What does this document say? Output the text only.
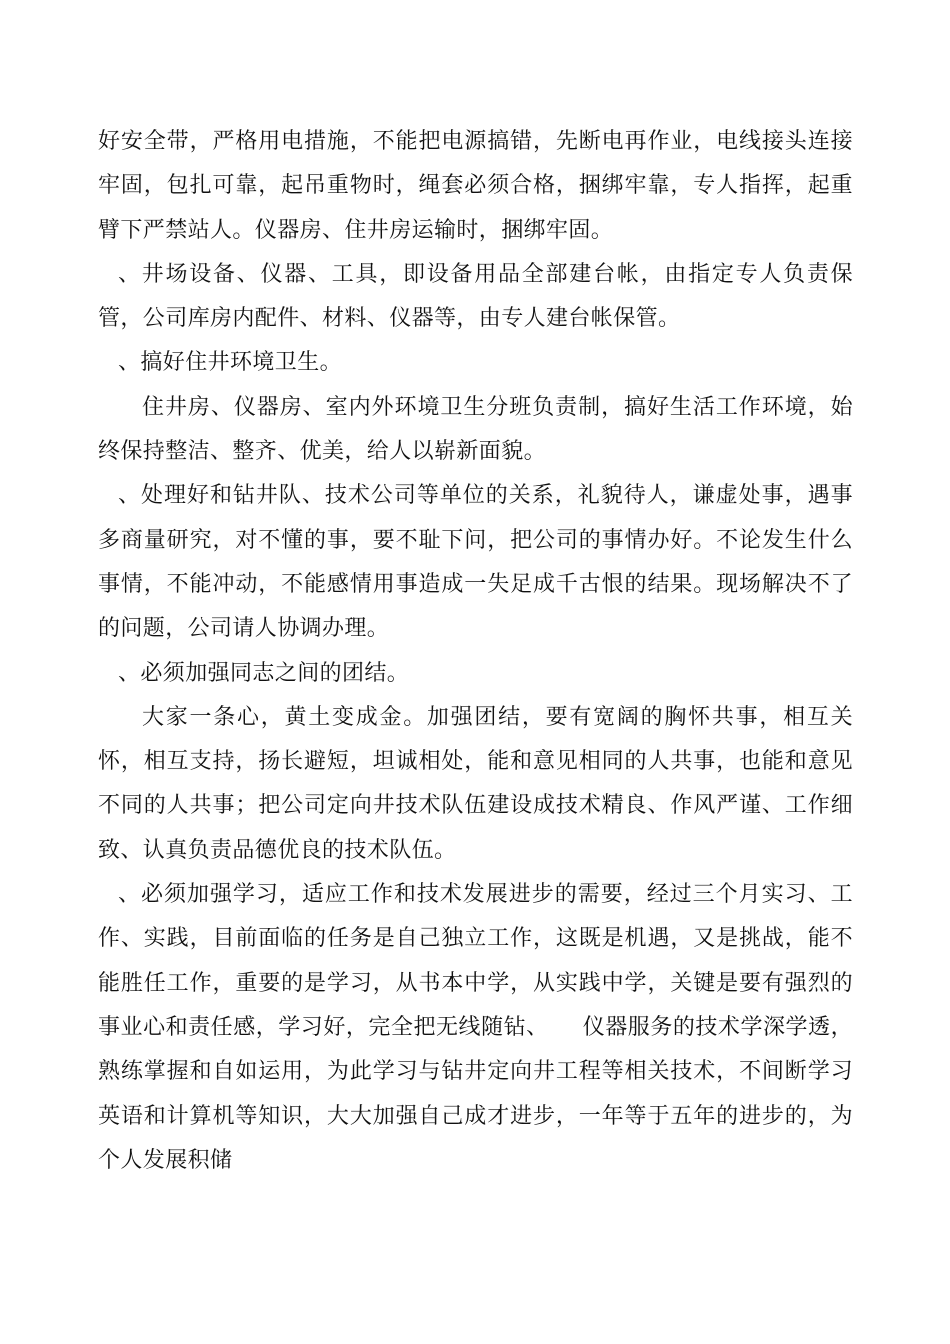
好安全带，严格用电措施，不能把电源搞错，先断电再作业，电线接头连接牢固，包扎可靠，起吊重物时，绳套必须合格，捆绑牢靠，专人指挥，起重臂下严禁站人。仪器房、住井房运输时，捆绑牢固。

、井场设备、仪器、工具，即设备用品全部建台帐，由指定专人负责保管，公司库房内配件、材料、仪器等，由专人建台帐保管。

、搞好住井环境卫生。

住井房、仪器房、室内外环境卫生分班负责制，搞好生活工作环境，始终保持整洁、整齐、优美，给人以崭新面貌。

、处理好和钻井队、技术公司等单位的关系，礼貌待人，谦虚处事，遇事多商量研究，对不懂的事，要不耻下问，把公司的事情办好。不论发生什么事情，不能冲动，不能感情用事造成一失足成千古恨的结果。现场解决不了的问题，公司请人协调办理。

、必须加强同志之间的团结。

大家一条心，黄土变成金。加强团结，要有宽阔的胸怀共事，相互关怀，相互支持，扬长避短，坦诚相处，能和意见相同的人共事，也能和意见不同的人共事；把公司定向井技术队伍建设成技术精良、作风严谨、工作细致、认真负责品德优良的技术队伍。

、必须加强学习，适应工作和技术发展进步的需要，经过三个月实习、工作、实践，目前面临的任务是自己独立工作，这既是机遇，又是挑战，能不能胜任工作，重要的是学习，从书本中学，从实践中学，关键是要有强烈的事业心和责任感，学习好，完全把无线随钻、　　仪器服务的技术学深学透，熟练掌握和自如运用，为此学习与钻井定向井工程等相关技术，不间断学习英语和计算机等知识，大大加强自己成才进步，一年等于五年的进步的，为个人发展积储
